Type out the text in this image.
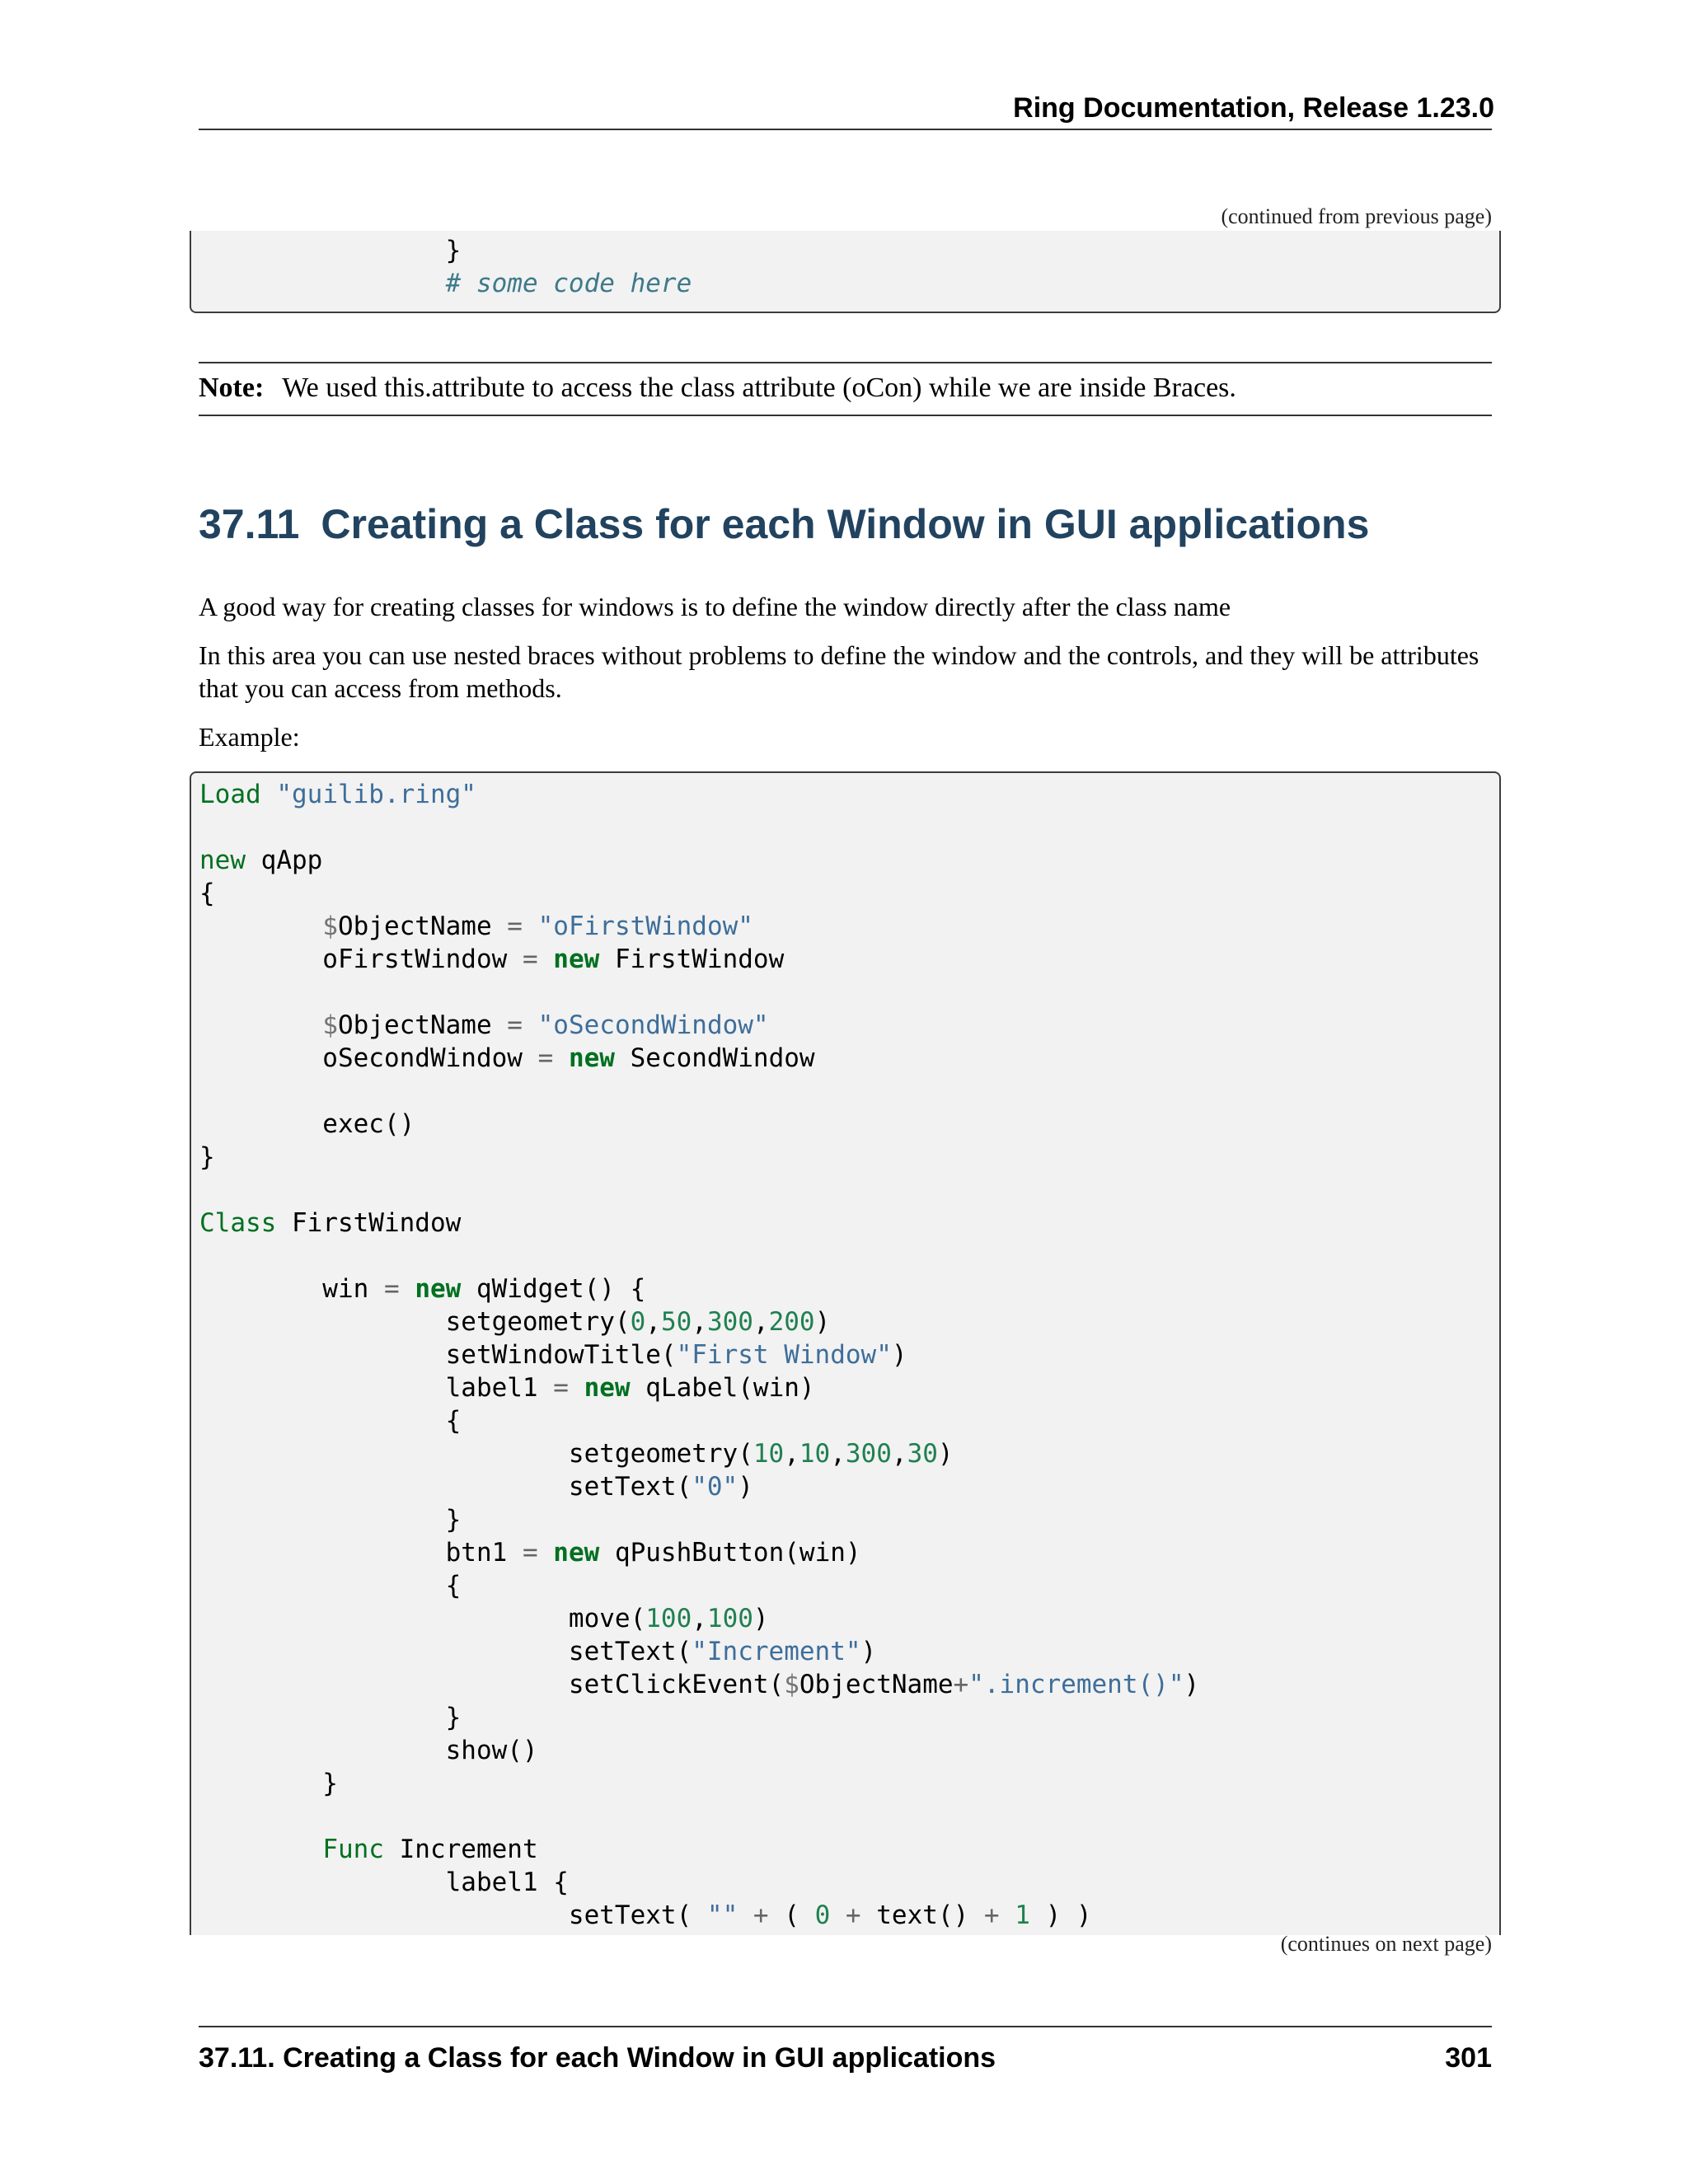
Ring Documentation, Release 1.23.0
(continued from previous page)
}
# some code here
Note: We used this.attribute to access the class attribute (oCon) while we are inside Braces.
37.11 Creating a Class for each Window in GUI applications
A good way for creating classes for windows is to define the window directly after the class name
In this area you can use nested braces without problems to define the window and the controls, and they will be attributes that you can access from methods.
Example:
Load "guilib.ring"

new qApp
{
$ObjectName = "oFirstWindow"
oFirstWindow = new FirstWindow

$ObjectName = "oSecondWindow"
oSecondWindow = new SecondWindow

exec()
}

Class FirstWindow

win = new qWidget() {
setgeometry(0,50,300,200)
setWindowTitle("First Window")
label1 = new qLabel(win)
{
setgeometry(10,10,300,30)
setText("0")
}
btn1 = new qPushButton(win)
{
move(100,100)
setText("Increment")
setClickEvent($ObjectName+".increment()")
}
show()
}

Func Increment
label1 {
setText( "" + ( 0 + text() + 1 ) )
(continues on next page)
37.11. Creating a Class for each Window in GUI applications	301
